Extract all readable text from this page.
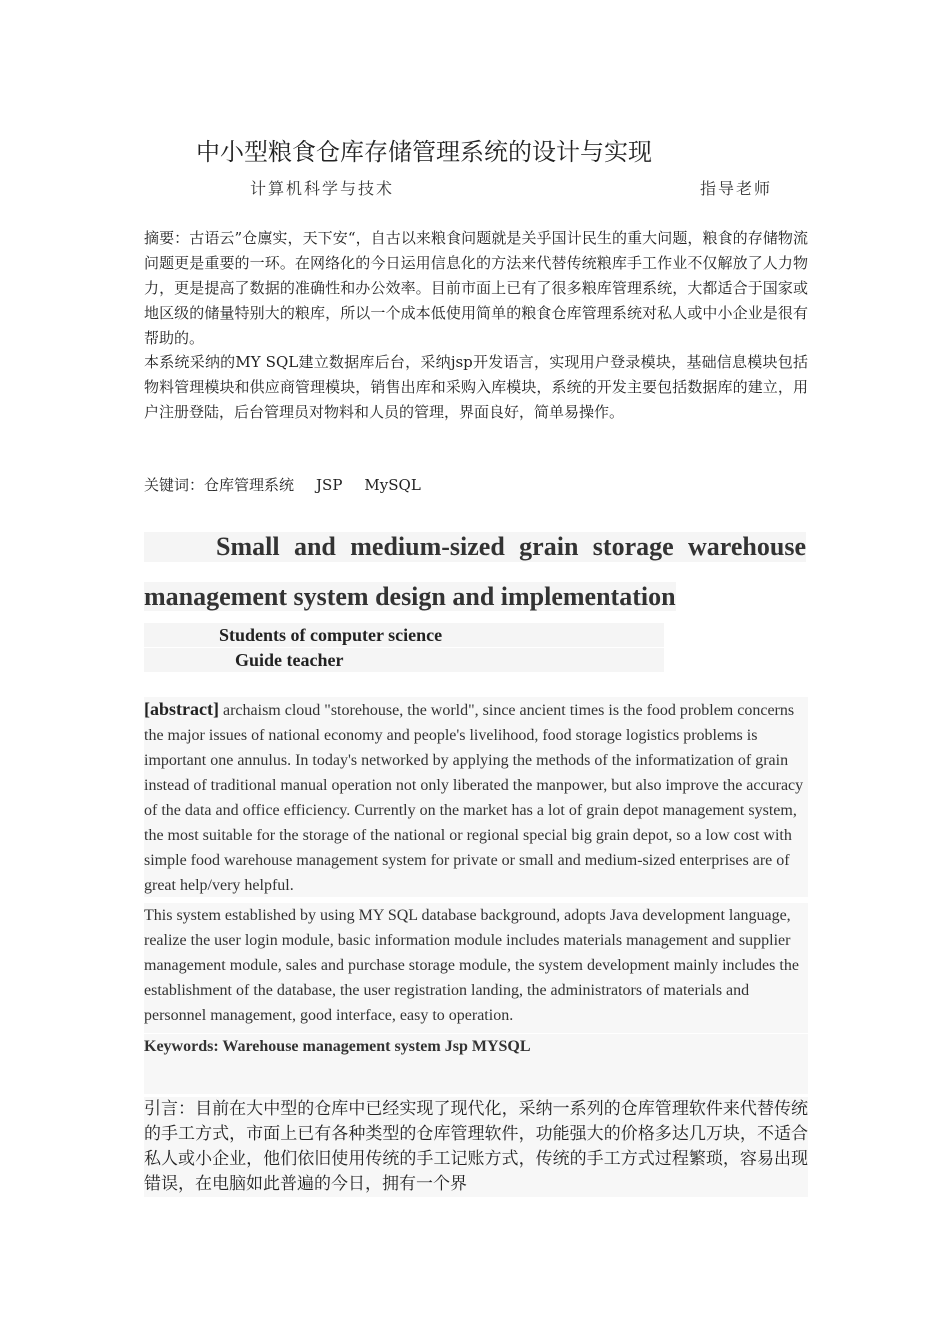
中小型粮食仓库存储管理系统的设计与实现
计算机科学与技术	指导老师

摘要：古语云”仓廪实，天下安“，自古以来粮食问题就是关乎国计民生的重大问题，粮食的存储物流问题更是重要的一环。在网络化的今日运用信息化的方法来代替传统粮库手工作业不仅解放了人力物力，更是提高了数据的准确性和办公效率。目前市面上已有了很多粮库管理系统，大都适合于国家或地区级的储量特别大的粮库，所以一个成本低使用简单的粮食仓库管理系统对私人或中小企业是很有帮助的。

本系统采纳的MY SQL建立数据库后台，采纳jsp开发语言，实现用户登录模块，基础信息模块包括物料管理模块和供应商管理模块，销售出库和采购入库模块，系统的开发主要包括数据库的建立，用户注册登陆，后台管理员对物料和人员的管理，界面良好，简单易操作。

关键词：仓库管理系统 JSP MySQL
Small and medium-sized grain storage warehouse
management system design and implementation
Students of computer science
Guide teacher

[abstract] archaism cloud "storehouse, the world", since ancient times is the food problem concerns the major issues of national economy and people's livelihood, food storage logistics problems is important one annulus. In today's networked by applying the methods of the informatization of grain instead of traditional manual operation not only liberated the manpower, but also improve the accuracy of the data and office efficiency. Currently on the market has a lot of grain depot management system, the most suitable for the storage of the national or regional special big grain depot, so a low cost with simple food warehouse management system for private or small and medium-sized enterprises are of great help/very helpful.

This system established by using MY SQL database background, adopts Java development language, realize the user login module, basic information module includes materials management and supplier management module, sales and purchase storage module, the system development mainly includes the establishment of the database, the user registration landing, the administrators of materials and personnel management, good interface, easy to operation.

Keywords: Warehouse management system Jsp MYSQL

引言：目前在大中型的仓库中已经实现了现代化，采纳一系列的仓库管理软件来代替传统的手工方式，市面上已有各种类型的仓库管理软件，功能强大的价格多达几万块，不适合私人或小企业，他们依旧使用传统的手工记账方式，传统的手工方式过程繁琐，容易出现错误，在电脑如此普遍的今日，拥有一个界
